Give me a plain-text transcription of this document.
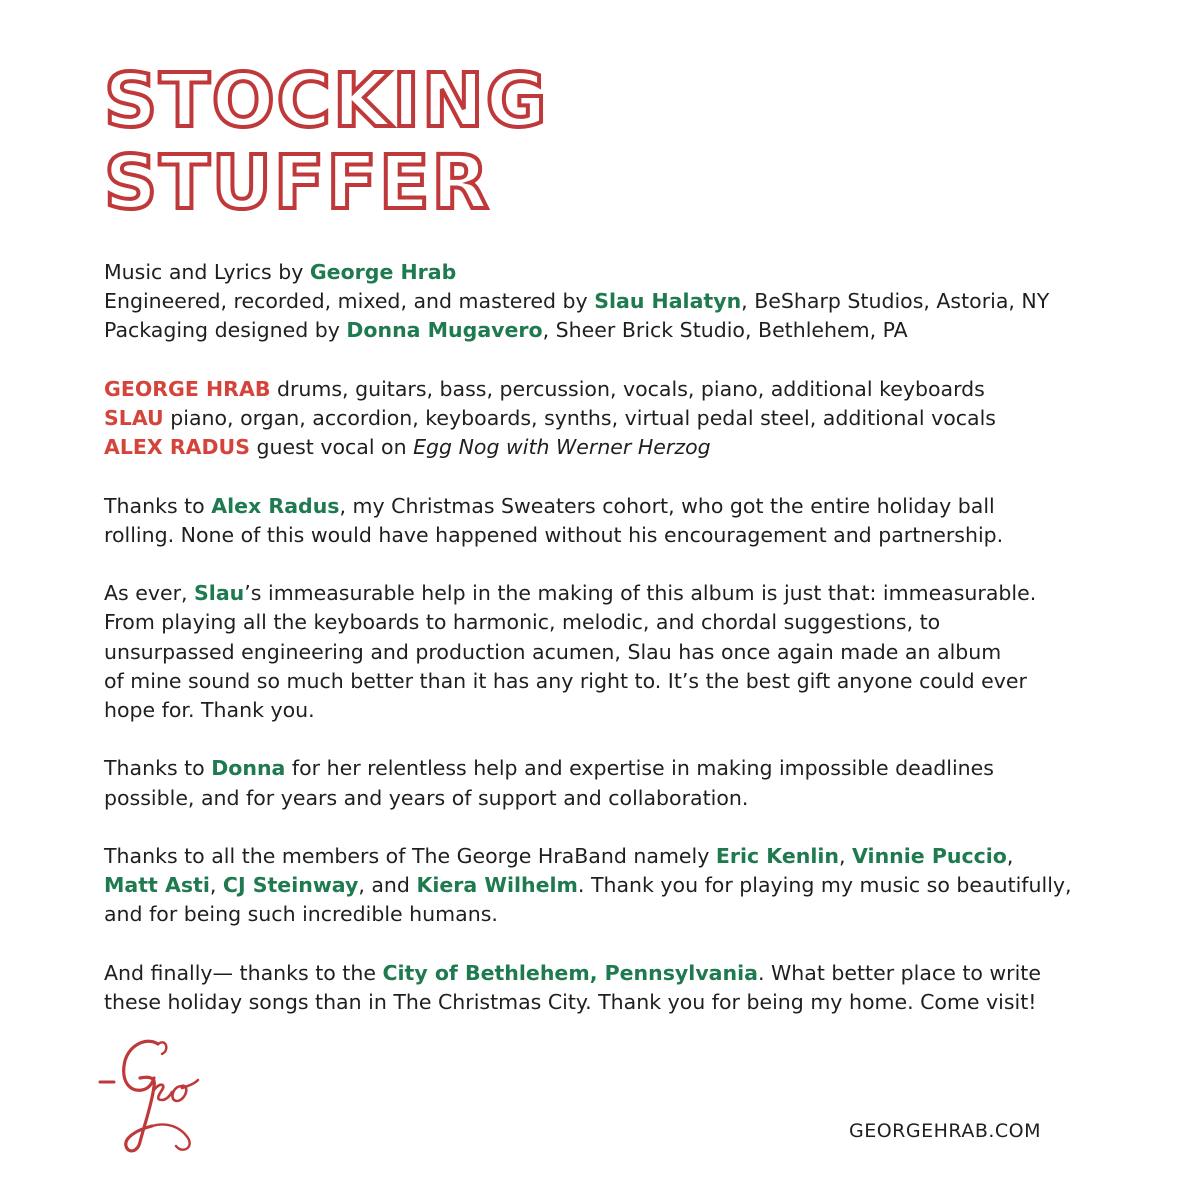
STOCKING
STUFFER
Music and Lyrics by George Hrab
Engineered, recorded, mixed, and mastered by Slau Halatyn, BeSharp Studios, Astoria, NY
Packaging designed by Donna Mugavero, Sheer Brick Studio, Bethlehem, PA
GEORGE HRAB drums, guitars, bass, percussion, vocals, piano, additional keyboards
SLAU piano, organ, accordion, keyboards, synths, virtual pedal steel, additional vocals
ALEX RADUS guest vocal on Egg Nog with Werner Herzog
Thanks to Alex Radus, my Christmas Sweaters cohort, who got the entire holiday ball
rolling. None of this would have happened without his encouragement and partnership.
As ever, Slau’s immeasurable help in the making of this album is just that: immeasurable.
From playing all the keyboards to harmonic, melodic, and chordal suggestions, to
unsurpassed engineering and production acumen, Slau has once again made an album
of mine sound so much better than it has any right to. It’s the best gift anyone could ever
hope for. Thank you.
Thanks to Donna for her relentless help and expertise in making impossible deadlines
possible, and for years and years of support and collaboration.
Thanks to all the members of The George HraBand namely Eric Kenlin, Vinnie Puccio,
Matt Asti, CJ Steinway, and Kiera Wilhelm. Thank you for playing my music so beautifully,
and for being such incredible humans.
And finally— thanks to the City of Bethlehem, Pennsylvania. What better place to write
these holiday songs than in The Christmas City. Thank you for being my home. Come visit!
GEORGEHRAB.COM
